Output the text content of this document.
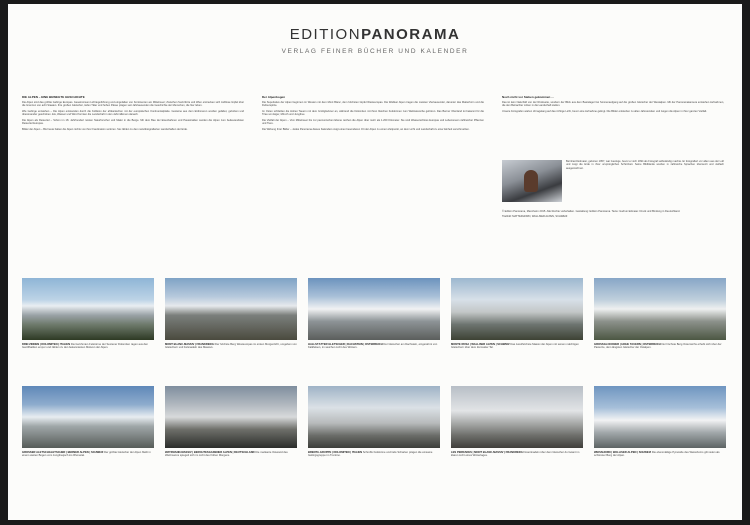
EDITIONPANORAMA
VERLAG FEINER BÜCHER UND KALENDER
DIE ALPEN – EINE BEWEGTE GESCHICHTE

Die Alpen sind das größte Gebirge Europas. Geseinsinsen Lichtiegeführung und eingefalten von Kontinenten am Mittelmeer; Zwischen Sud-Nizza und Wien erstrecken sich zahllose Gipfel über die Grenzen von acht Staaten. Ihre großen Gletscher, tiefen Täler und hohen Pässe prägen seit Jahrtausenden die Geschichte der Menschen, die hier leben.

Wie Gebirge entstehen – Die Alpen entstanden durch die Kollision der afrikanischen mit der europäischen Kontinentalplatte. Gesteine aus dem Erdinneren wurden gefaltet, gehoben und übereinander geschoben. Eis, Wasser und Wind formten die Landschaft in den Jahrmillionen danach.

Die Alpen als Reiseziel – Schon im 18. Jahrhundert reisten Naturforscher und Maler in die Berge. Mit dem Bau der Eisenbahnen und Passstraßen wurden die Alpen zum bedeutendsten Reiseziel Europas.

Bilder der Alpen – Bis heute haben die Alpen nichts von ihrer Faszination verloren. Sie zählen zu den meistfotografierten Landschaften der Erde.

Der Alpenbogen

Die Superlative der Alpen beginnen im Westen mit dem Mont Blanc, dem höchsten Gipfel Westeuropas. Die Walliser Alpen tragen die meisten Viertausender, darunter das Matterhorn und die Dufourspitze.

Im Osten schließen die Hohen Tauern mit dem Großglockner an, während die Dolomiten mit ihren bleichen Felstürmen zum Weltnaturerbe gehören. Das Berner Oberland ist bekannt für die Trias von Eiger, Mönch und Jungfrau.

Die Vielfalt der Alpen – Vom Mittelmeer bis zur pannonischen Ebene reichen die Alpen über mehr als 1.200 Kilometer. Sie sind Wasserschloss Europas und Lebensraum zahlreicher Pflanzen und Tiere.

Die Wirkung ihrer Bilder – Jedes Panorama dieses Kalenders zeigt einen besonderen Ort der Alpen zu einem Zeitpunkt, an dem Licht und Landschaft zu einer Einheit verschmelzen.

Noch nicht vor Sieben gekommen …

Das ist kein Naturbild von der Rückseite, sondern der Blick aus dem Basislager bei Sonnenaufgang auf die großen Gletscher der Westalpen. Mit der Panoramakamera entstehen Aufnahmen, die den Betrachter mitten in die Landschaft stellen.

Unsere Fotografen warten oft tagelang auf das richtige Licht, bevor eine Aufnahme gelingt. Die Bilder entstehen zu allen Jahreszeiten und zeigen die Alpen in ihrer ganzen Vielfalt.

Bernhard Edmaier, geboren 1957, war Geologe, bevor er sich 1994 als Fotograf selbständig machte. Er fotografiert vor allem aus der Luft und zeigt die Erde in ihrer ursprünglichen Schönheit. Seine Bildbände wurden in zahlreiche Sprachen übersetzt und vielfach ausgezeichnet.

© Edition Panorama, Mannheim 2015. Alle Rechte vorbehalten. Gestaltung: Edition Panorama. Texte: Gudrun Edmaier. Druck und Bindung in Deutschland.

Titelbild: MATTERHORN, WALLISER ALPEN, SCHWEIZ

DREI ZINNEN | DOLOMITEN | ITALIEN Die berühmten Felstürme der Sextener Dolomiten ragen aus den Geröllhalden empor und zählen zu den bekanntesten Motiven der Alpen.
MONT BLANC-MASSIV | FRANKREICH Der höchste Berg Westeuropas im ersten Morgenlicht, umgeben von Gletschern und Felsnadeln des Massivs.
HALLSTÄTTER GLETSCHER | DACHSTEIN | ÖSTERREICH Der Gletscher am Dachstein, eingerahmt von Kalkfelsen, im weichen Licht des Winters.
MONTE ROSA | WALLISER ALPEN | SCHWEIZ Das zweithöchste Massiv der Alpen mit seinen mächtigen Gletschern über dem Zermatter Tal.
GROSSGLOCKNER | HOHE TAUERN | ÖSTERREICH Der höchste Berg Österreichs erhebt sich über der Pasterze, dem längsten Gletscher der Ostalpen.
GROSSER ALETSCHGLETSCHER | BERNER ALPEN | SCHWEIZ Der größte Gletscher der Alpen fließt in einem weiten Bogen vom Jungfraujoch ins Rhonetal.
WATZMANN-MASSIV | BERCHTESGADENER ALPEN | DEUTSCHLAND Die markante Ostwand des Watzmanns spiegelt sich im Licht des frühen Morgens.
BRENTA-GRUPPE | DOLOMITEN | ITALIEN Schroffe Felstürme und tiefe Scharten prägen die einsame Gebirgsgruppe im Trentino.
LES PERRADES | MONT BLANC-MASSIV | FRANKREICH Granitnadeln über dem Gletscher du Géant im klaren Licht eines Wintertages.
WEISSHORN | WALLISER ALPEN | SCHWEIZ Die ebenmäßige Pyramide des Weisshorns gilt vielen als schönster Berg der Alpen.
